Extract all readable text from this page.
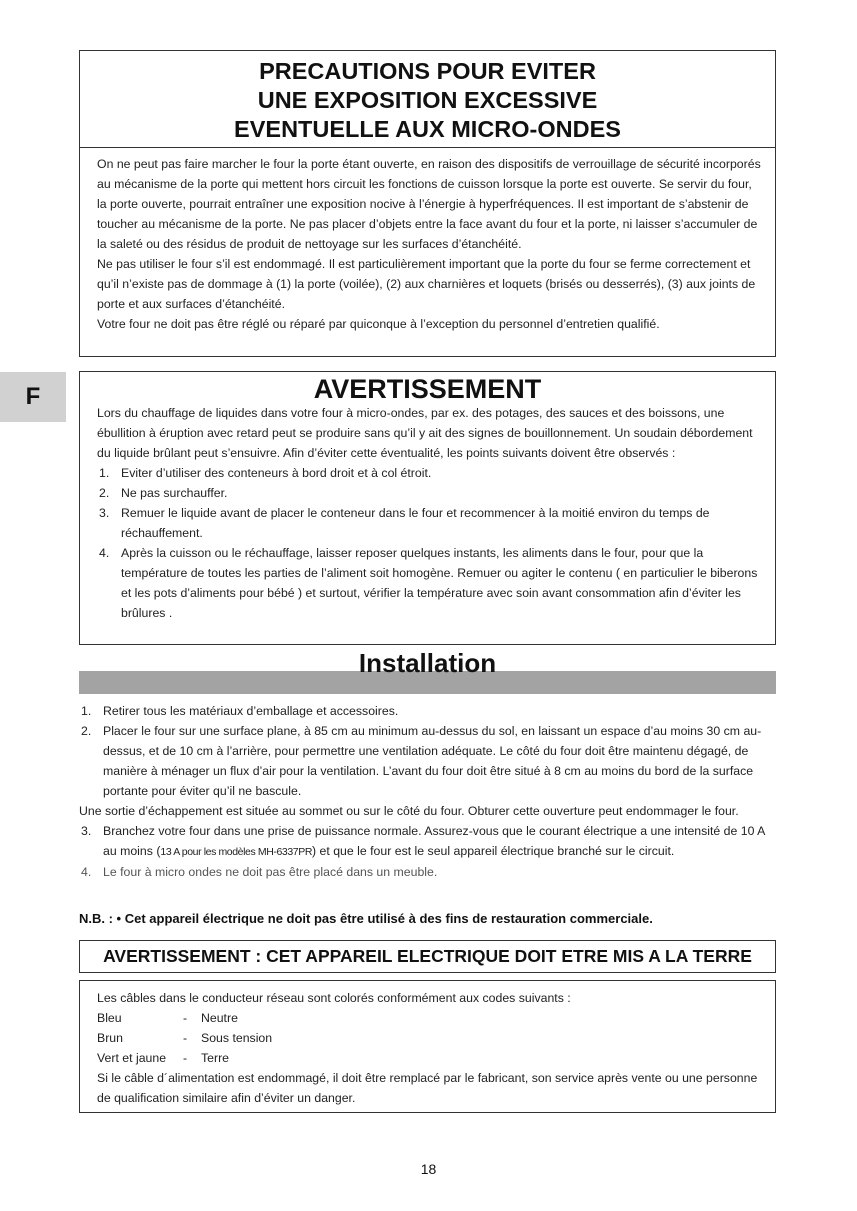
F
PRECAUTIONS POUR EVITER
UNE EXPOSITION EXCESSIVE
EVENTUELLE AUX MICRO-ONDES

On ne peut pas faire marcher le four la porte étant ouverte, en raison des dispositifs de verrouillage de sécurité incorporés au mécanisme de la porte qui mettent hors circuit les fonctions de cuisson lorsque la porte est ouverte. Se servir du four, la porte ouverte, pourrait entraîner une exposition nocive à l’énergie à hyperfréquences. Il est important de s’abstenir de toucher au mécanisme de la porte. Ne pas placer d’objets entre la face avant du four et la porte, ni laisser s’accumuler de la saleté ou des résidus de produit de nettoyage sur les surfaces d’étanchéité.

Ne pas utiliser le four s’il est endommagé. Il est particulièrement important que la porte du four se ferme correctement et qu’il n’existe pas de dommage à (1) la porte (voilée), (2) aux charnières et loquets (brisés ou desserrés), (3) aux joints de porte et aux surfaces d’étanchéité.

Votre four ne doit pas être réglé ou réparé par quiconque à l’exception du personnel d’entretien qualifié.

AVERTISSEMENT

Lors du chauffage de liquides dans votre four à micro-ondes, par ex. des potages, des sauces et des boissons, une ébullition à éruption avec retard peut se produire sans qu’il y ait des signes de bouillonnement. Un soudain débordement du liquide brûlant peut s’ensuivre. Afin d’éviter cette éventualité, les points suivants doivent être observés :

1. Eviter d’utiliser des conteneurs à bord droit et à col étroit.
2. Ne pas surchauffer.
3. Remuer le liquide avant de placer le conteneur dans le four et recommencer à la moitié environ du temps de réchauffement.
4. Après la cuisson ou le réchauffage, laisser reposer quelques instants, les aliments dans le four, pour que la température de toutes les parties de l’aliment soit homogène. Remuer ou agiter le contenu ( en particulier le biberons et les pots d’aliments pour bébé ) et surtout, vérifier la température avec soin avant consommation afin d’éviter les brûlures .
Installation
1. Retirer tous les matériaux d’emballage et accessoires.
2. Placer le four sur une surface plane, à 85 cm au minimum au-dessus du sol, en laissant un espace d’au moins 30 cm au-dessus, et de 10 cm à l’arrière, pour permettre une ventilation adéquate. Le côté du four doit être maintenu dégagé, de manière à ménager un flux d’air pour la ventilation. L’avant du four doit être situé à 8 cm au moins du bord de la surface portante pour éviter qu’il ne bascule.

Une sortie d’échappement est située au sommet ou sur le côté du four. Obturer cette ouverture peut endommager le four.

3. Branchez votre four dans une prise de puissance normale. Assurez-vous que le courant électrique a une intensité de 10 A au moins (13 A pour les modèles MH-6337PR) et que le four est le seul appareil électrique branché sur le circuit.
4. Le four à micro ondes ne doit pas être placé dans un meuble.
N.B. : • Cet appareil électrique ne doit pas être utilisé à des fins de restauration commerciale.
AVERTISSEMENT : CET APPAREIL ELECTRIQUE DOIT ETRE MIS A LA TERRE

Les câbles dans le conducteur réseau sont colorés conformément aux codes suivants :

Bleu	-	Neutre
Brun	-	Sous tension
Vert et jaune	-	Terre

Si le câble d´alimentation est endommagé, il doit être remplacé par le fabricant, son service après vente ou une personne de qualification similaire afin d’éviter un danger.

18
